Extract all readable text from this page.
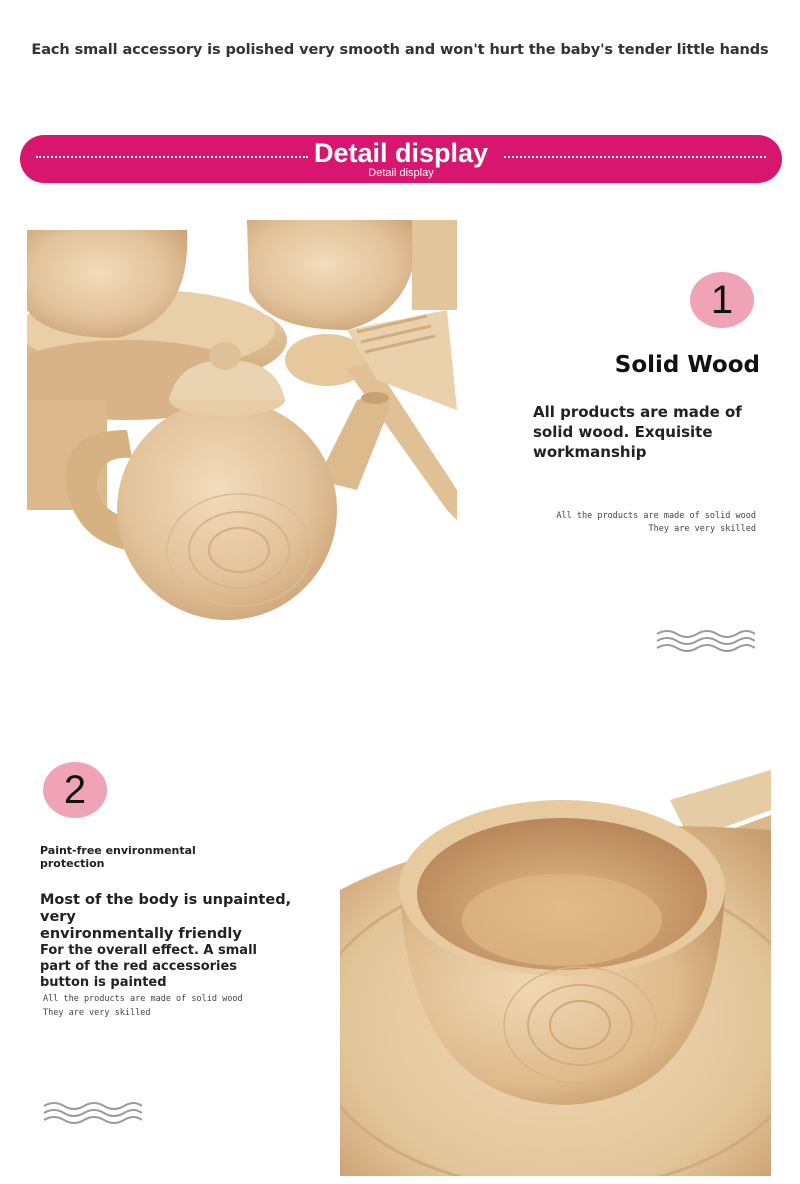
Each small accessory is polished very smooth and won't hurt the baby's tender little hands
Detail display
Detail display
1
Solid Wood
All products are made of
solid wood. Exquisite
workmanship
All the products are made of solid wood
They are very skilled
2
Paint-free environmental
protection
Most of the body is unpainted, very
environmentally friendly
For the overall effect. A small
part of the red accessories
button is painted
All the products are made of solid wood
They are very skilled
